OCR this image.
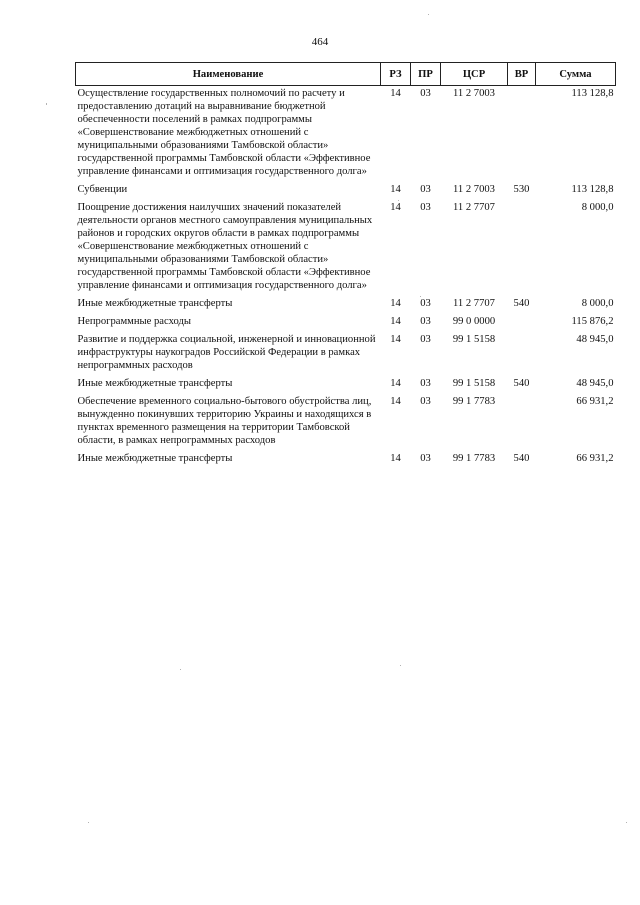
464
Наименование	РЗ	ПР	ЦСР	ВР	Сумма
Осуществление государственных полномочий по расчету и предоставлению дотаций на выравнивание бюджетной обеспеченности поселений в рамках подпрограммы «Совершенствование межбюджетных отношений с муниципальными образованиями Тамбовской области» государственной программы Тамбовской области «Эффективное управление финансами и оптимизация государственного долга»	14	03	11 2 7003		113 128,8
Субвенции	14	03	11 2 7003	530	113 128,8
Поощрение достижения наилучших значений показателей деятельности органов местного самоуправления муниципальных районов и городских округов области в рамках подпрограммы «Совершенствование межбюджетных отношений с муниципальными образованиями Тамбовской области» государственной программы Тамбовской области «Эффективное управление финансами и оптимизация государственного долга»	14	03	11 2 7707		8 000,0
Иные межбюджетные трансферты	14	03	11 2 7707	540	8 000,0
Непрограммные расходы	14	03	99 0 0000		115 876,2
Развитие и поддержка социальной, инженерной и инновационной инфраструктуры наукоградов Российской Федерации в рамках непрограммных расходов	14	03	99 1 5158		48 945,0
Иные межбюджетные трансферты	14	03	99 1 5158	540	48 945,0
Обеспечение временного социально-бытового обустройства лиц, вынужденно покинувших территорию Украины и находящихся в пунктах временного размещения на территории Тамбовской области, в рамках непрограммных расходов	14	03	99 1 7783		66 931,2
Иные межбюджетные трансферты	14	03	99 1 7783	540	66 931,2
